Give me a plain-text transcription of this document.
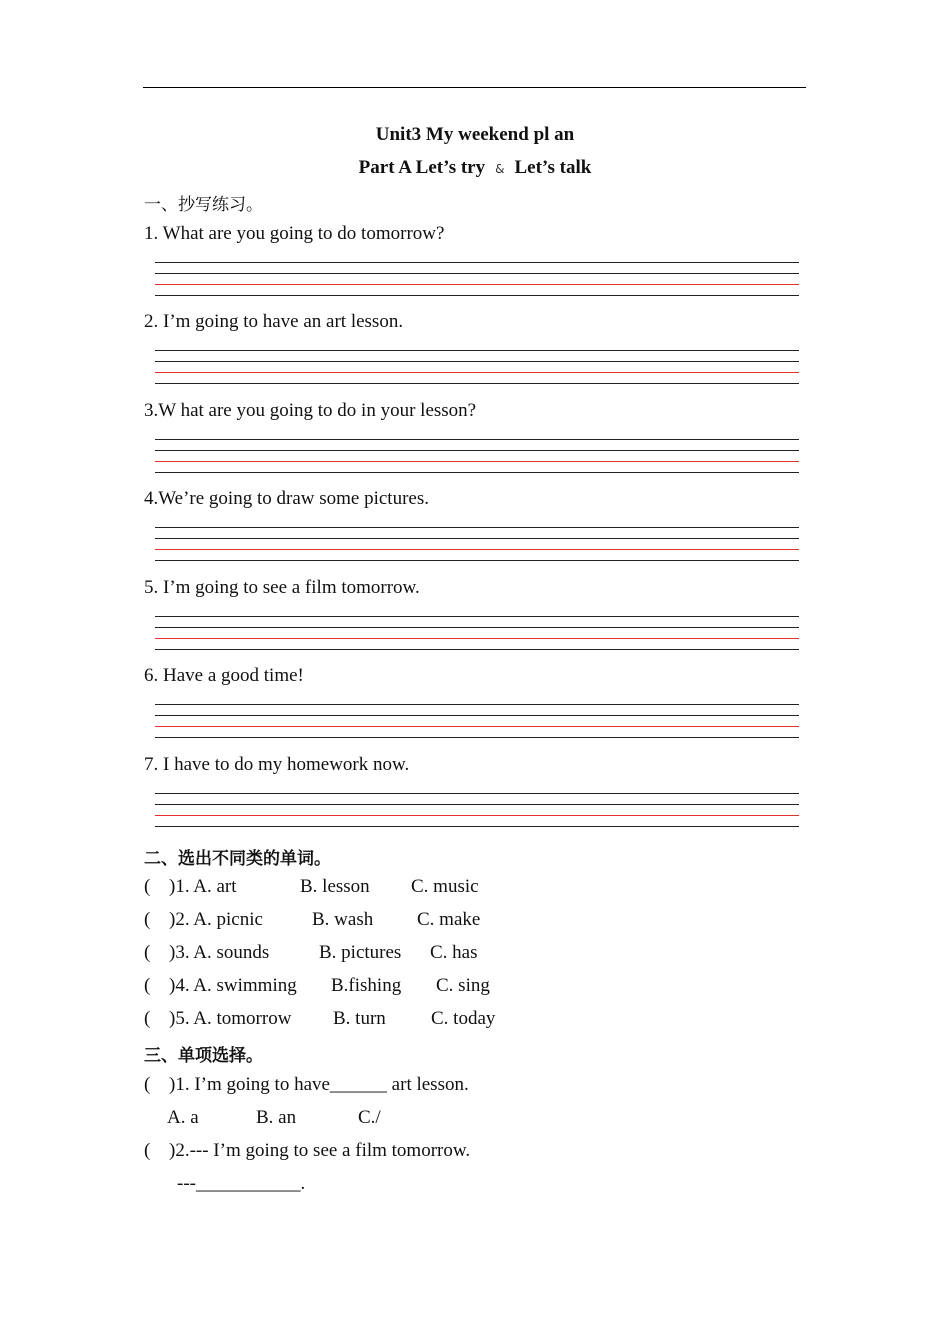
Unit3 My weekend pl an
Part A Let’s try & Let’s talk
一、抄写练习。
1. What are you going to do tomorrow?
2. I’m going to have an art lesson.
3.W hat are you going to do in your lesson?
4.We’re going to draw some pictures.
5. I’m going to see a film tomorrow.
6. Have a good time!
7. I have to do my homework now.
二、选出不同类的单词。
( )1. A. art	B. lesson C. music
( )2. A. picnic	B. wash C. make
( )3. A. sounds	B. pictures C. has
( )4. A. swimming B.fishing C. sing
( )5. A. tomorrow B. turn C. today
三、单项选择。
( )1. I’m going to have______ art lesson.
A. a	B. an	C./
( )2.--- I’m going to see a film tomorrow.
---___________.
